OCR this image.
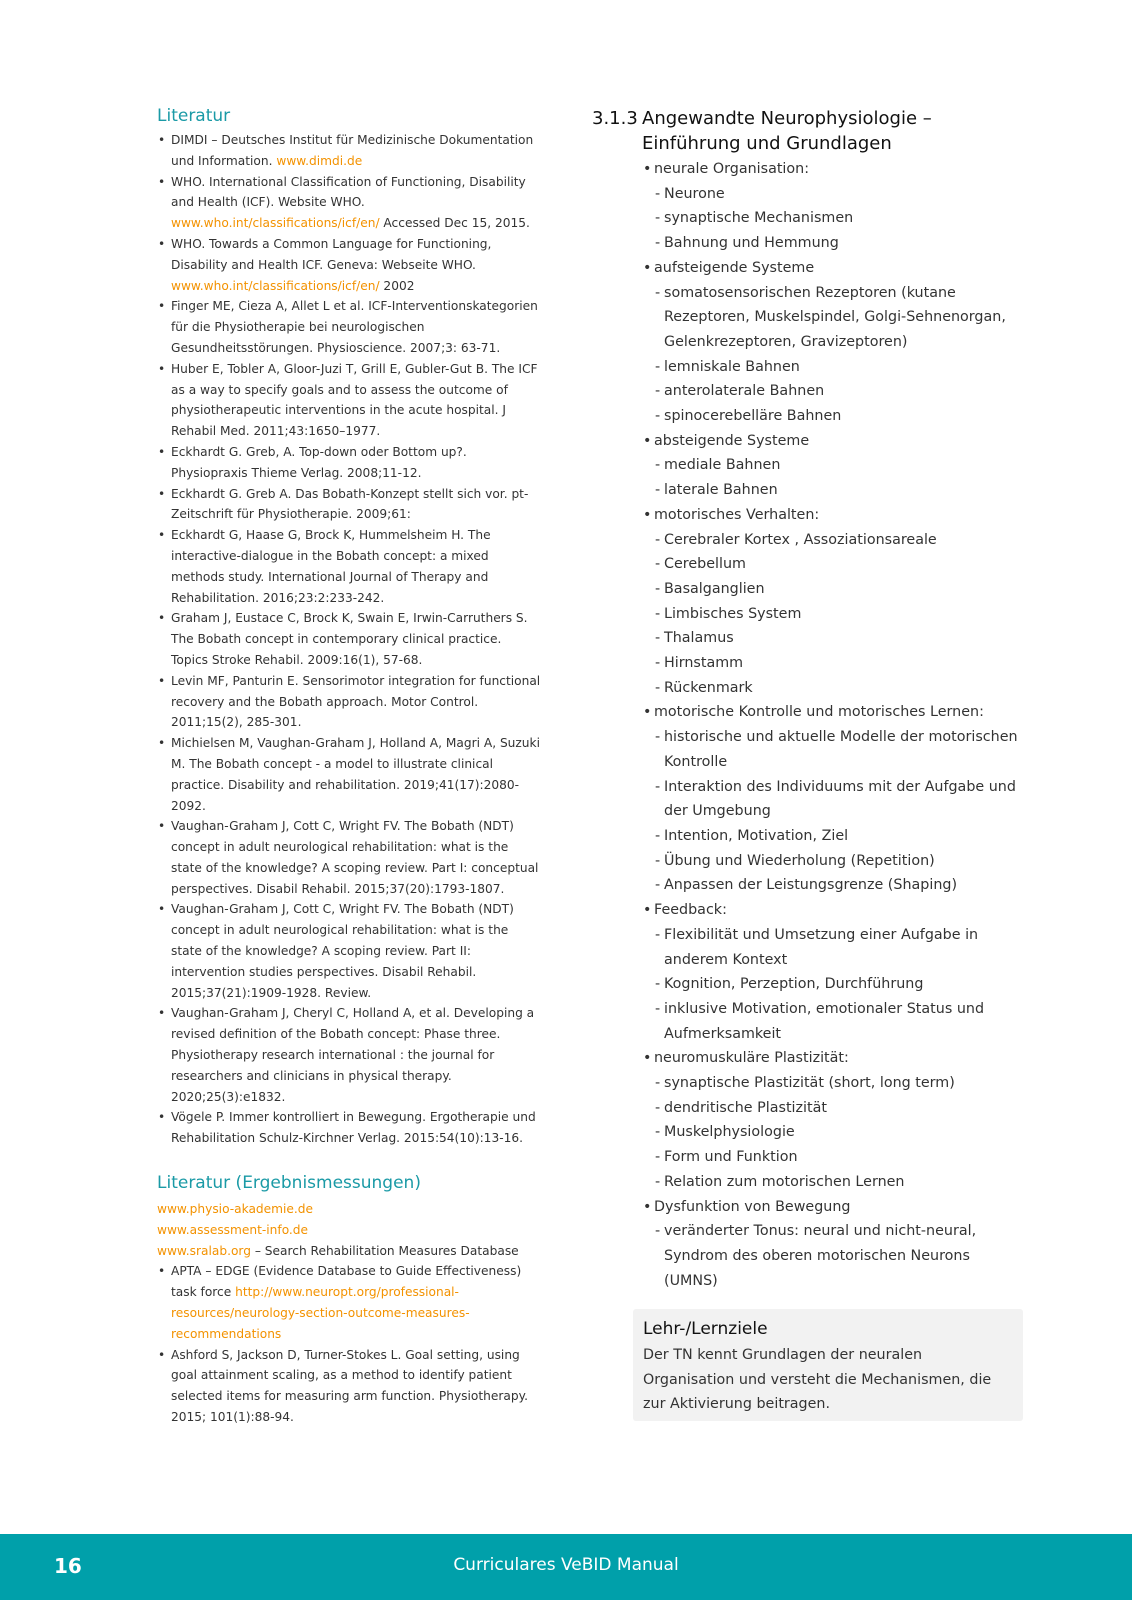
Literatur
• DIMDI – Deutsches Institut für Medizinische Dokumentation und Information. www.dimdi.de
• WHO. International Classification of Functioning, Disability and Health (ICF). Website WHO. www.who.int/classifications/icf/en/ Accessed Dec 15, 2015.
• WHO. Towards a Common Language for Functioning, Disability and Health ICF. Geneva: Webseite WHO. www.who.int/classifications/icf/en/ 2002
• Finger ME, Cieza A, Allet L et al. ICF-Interventionskategorien für die Physiotherapie bei neurologischen Gesundheitsstörungen. Physioscience. 2007;3: 63-71.
• Huber E, Tobler A, Gloor-Juzi T, Grill E, Gubler-Gut B. The ICF as a way to specify goals and to assess the outcome of physiotherapeutic interventions in the acute hospital. J Rehabil Med. 2011;43:1650–1977.
• Eckhardt G. Greb, A. Top-down oder Bottom up?. Physiopraxis Thieme Verlag. 2008;11-12.
• Eckhardt G. Greb A. Das Bobath-Konzept stellt sich vor. pt-Zeitschrift für Physiotherapie. 2009;61:
• Eckhardt G, Haase G, Brock K, Hummelsheim H. The interactive-dialogue in the Bobath concept: a mixed methods study. International Journal of Therapy and Rehabilitation. 2016;23:2:233-242.
• Graham J, Eustace C, Brock K, Swain E, Irwin-Carruthers S. The Bobath concept in contemporary clinical practice. Topics Stroke Rehabil. 2009:16(1), 57-68.
• Levin MF, Panturin E. Sensorimotor integration for functional recovery and the Bobath approach. Motor Control. 2011;15(2), 285-301.
• Michielsen M, Vaughan-Graham J, Holland A, Magri A, Suzuki M. The Bobath concept - a model to illustrate clinical practice. Disability and rehabilitation. 2019;41(17):2080-2092.
• Vaughan-Graham J, Cott C, Wright FV. The Bobath (NDT) concept in adult neurological rehabilitation: what is the state of the knowledge? A scoping review. Part I: conceptual perspectives. Disabil Rehabil. 2015;37(20):1793-1807.
• Vaughan-Graham J, Cott C, Wright FV. The Bobath (NDT) concept in adult neurological rehabilitation: what is the state of the knowledge? A scoping review. Part II: intervention studies perspectives. Disabil Rehabil. 2015;37(21):1909-1928. Review.
• Vaughan-Graham J, Cheryl C, Holland A, et al. Developing a revised definition of the Bobath concept: Phase three. Physiotherapy research international : the journal for researchers and clinicians in physical therapy. 2020;25(3):e1832.
• Vögele P. Immer kontrolliert in Bewegung. Ergotherapie und Rehabilitation Schulz-Kirchner Verlag. 2015:54(10):13-16.
Literatur (Ergebnismessungen)
www.physio-akademie.de
www.assessment-info.de
www.sralab.org – Search Rehabilitation Measures Database
• APTA – EDGE (Evidence Database to Guide Effectiveness) task force http://www.neuropt.org/professional-resources/neurology-section-outcome-measures-recommendations
• Ashford S, Jackson D, Turner-Stokes L. Goal setting, using goal attainment scaling, as a method to identify patient selected items for measuring arm function. Physiotherapy. 2015; 101(1):88-94.
3.1.3 Angewandte Neurophysiologie – Einführung und Grundlagen
• neurale Organisation:
- Neurone
- synaptische Mechanismen
- Bahnung und Hemmung
• aufsteigende Systeme
- somatosensorischen Rezeptoren (kutane Rezeptoren, Muskelspindel, Golgi-Sehnenorgan, Gelenkrezeptoren, Gravizeptoren)
- lemniskale Bahnen
- anterolaterale Bahnen
- spinocerebelläre Bahnen
• absteigende Systeme
- mediale Bahnen
- laterale Bahnen
• motorisches Verhalten:
- Cerebraler Kortex , Assoziationsareale
- Cerebellum
- Basalganglien
- Limbisches System
- Thalamus
- Hirnstamm
- Rückenmark
• motorische Kontrolle und motorisches Lernen:
- historische und aktuelle Modelle der motorischen Kontrolle
- Interaktion des Individuums mit der Aufgabe und der Umgebung
- Intention, Motivation, Ziel
- Übung und Wiederholung (Repetition)
- Anpassen der Leistungsgrenze (Shaping)
• Feedback:
- Flexibilität und Umsetzung einer Aufgabe in anderem Kontext
- Kognition, Perzeption, Durchführung
- inklusive Motivation, emotionaler Status und Aufmerksamkeit
• neuromuskuläre Plastizität:
- synaptische Plastizität (short, long term)
- dendritische Plastizität
- Muskelphysiologie
- Form und Funktion
- Relation zum motorischen Lernen
• Dysfunktion von Bewegung
- veränderter Tonus: neural und nicht-neural, Syndrom des oberen motorischen Neurons (UMNS)
Lehr-/Lernziele

Der TN kennt Grundlagen der neuralen Organisation und versteht die Mechanismen, die zur Aktivierung beitragen.

16	Curriculares VeBID Manual
